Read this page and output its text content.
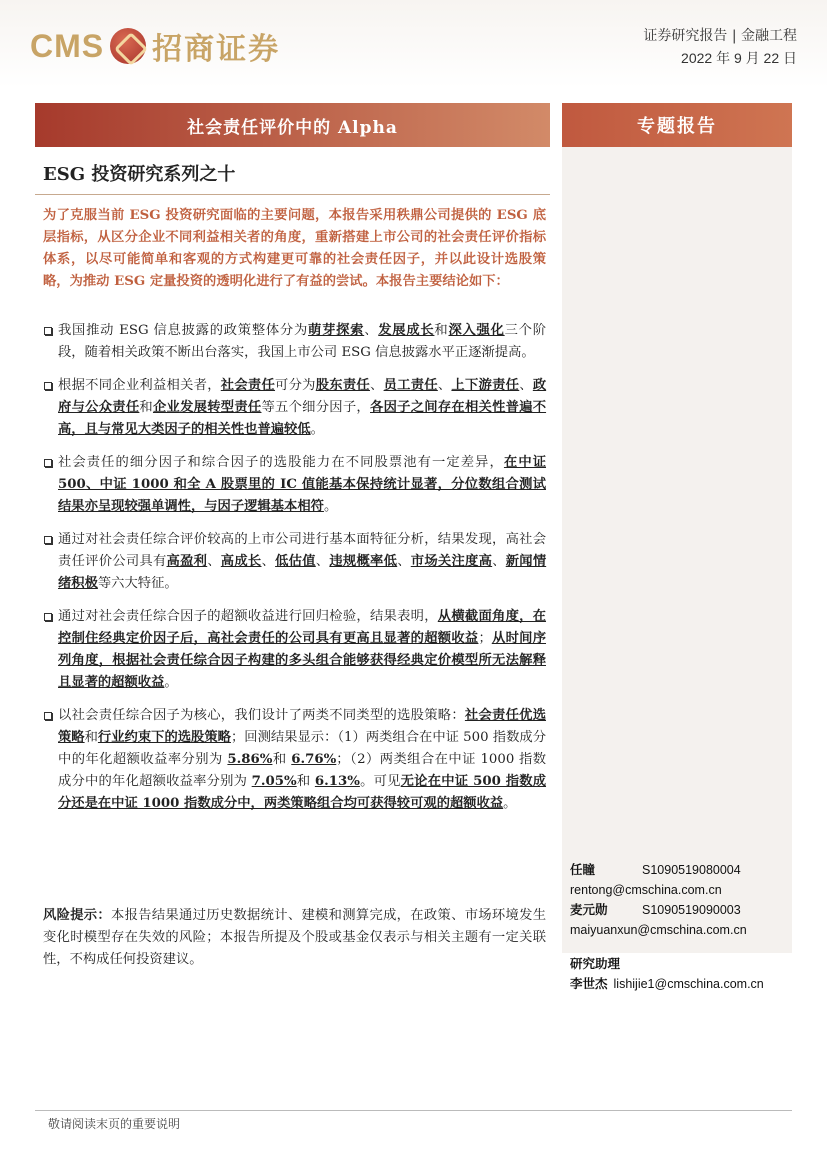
CMS 招商证券	证券研究报告 | 金融工程
2022 年 9 月 22 日
社会责任评价中的 Alpha	专题报告
ESG 投资研究系列之十
为了克服当前 ESG 投资研究面临的主要问题，本报告采用秩鼎公司提供的 ESG 底层指标，从区分企业不同利益相关者的角度，重新搭建上市公司的社会责任评价指标体系，以尽可能简单和客观的方式构建更可靠的社会责任因子，并以此设计选股策略，为推动 ESG 定量投资的透明化进行了有益的尝试。本报告主要结论如下：
我国推动 ESG 信息披露的政策整体分为萌芽探索、发展成长和深入强化三个阶段，随着相关政策不断出台落实，我国上市公司 ESG 信息披露水平正逐渐提高。
根据不同企业利益相关者，社会责任可分为股东责任、员工责任、上下游责任、政府与公众责任和企业发展转型责任等五个细分因子，各因子之间存在相关性普遍不高，且与常见大类因子的相关性也普遍较低。
社会责任的细分因子和综合因子的选股能力在不同股票池有一定差异，在中证 500、中证 1000 和全 A 股票里的 IC 值能基本保持统计显著，分位数组合测试结果亦呈现较强单调性，与因子逻辑基本相符。
通过对社会责任综合评价较高的上市公司进行基本面特征分析，结果发现，高社会责任评价公司具有高盈利、高成长、低估值、违规概率低、市场关注度高、新闻情绪积极等六大特征。
通过对社会责任综合因子的超额收益进行回归检验，结果表明，从横截面角度，在控制住经典定价因子后，高社会责任的公司具有更高且显著的超额收益；从时间序列角度，根据社会责任综合因子构建的多头组合能够获得经典定价模型所无法解释且显著的超额收益。
以社会责任综合因子为核心，我们设计了两类不同类型的选股策略：社会责任优选策略和行业约束下的选股策略；回测结果显示：（1）两类组合在中证 500 指数成分中的年化超额收益率分别为 5.86%和 6.76%；（2）两类组合在中证 1000 指数成分中的年化超额收益率分别为 7.05%和 6.13%。可见无论在中证 500 指数成分还是在中证 1000 指数成分中，两类策略组合均可获得较可观的超额收益。
风险提示：本报告结果通过历史数据统计、建模和测算完成，在政策、市场环境发生变化时模型存在失效的风险；本报告所提及个股或基金仅表示与相关主题有一定关联性，不构成任何投资建议。
任瞳	S1090519080004
rentong@cmschina.com.cn
麦元勋	S1090519090003
maiyuanxun@cmschina.com.cn
研究助理
李世杰 lishijie1@cmschina.com.cn
敬请阅读末页的重要说明
